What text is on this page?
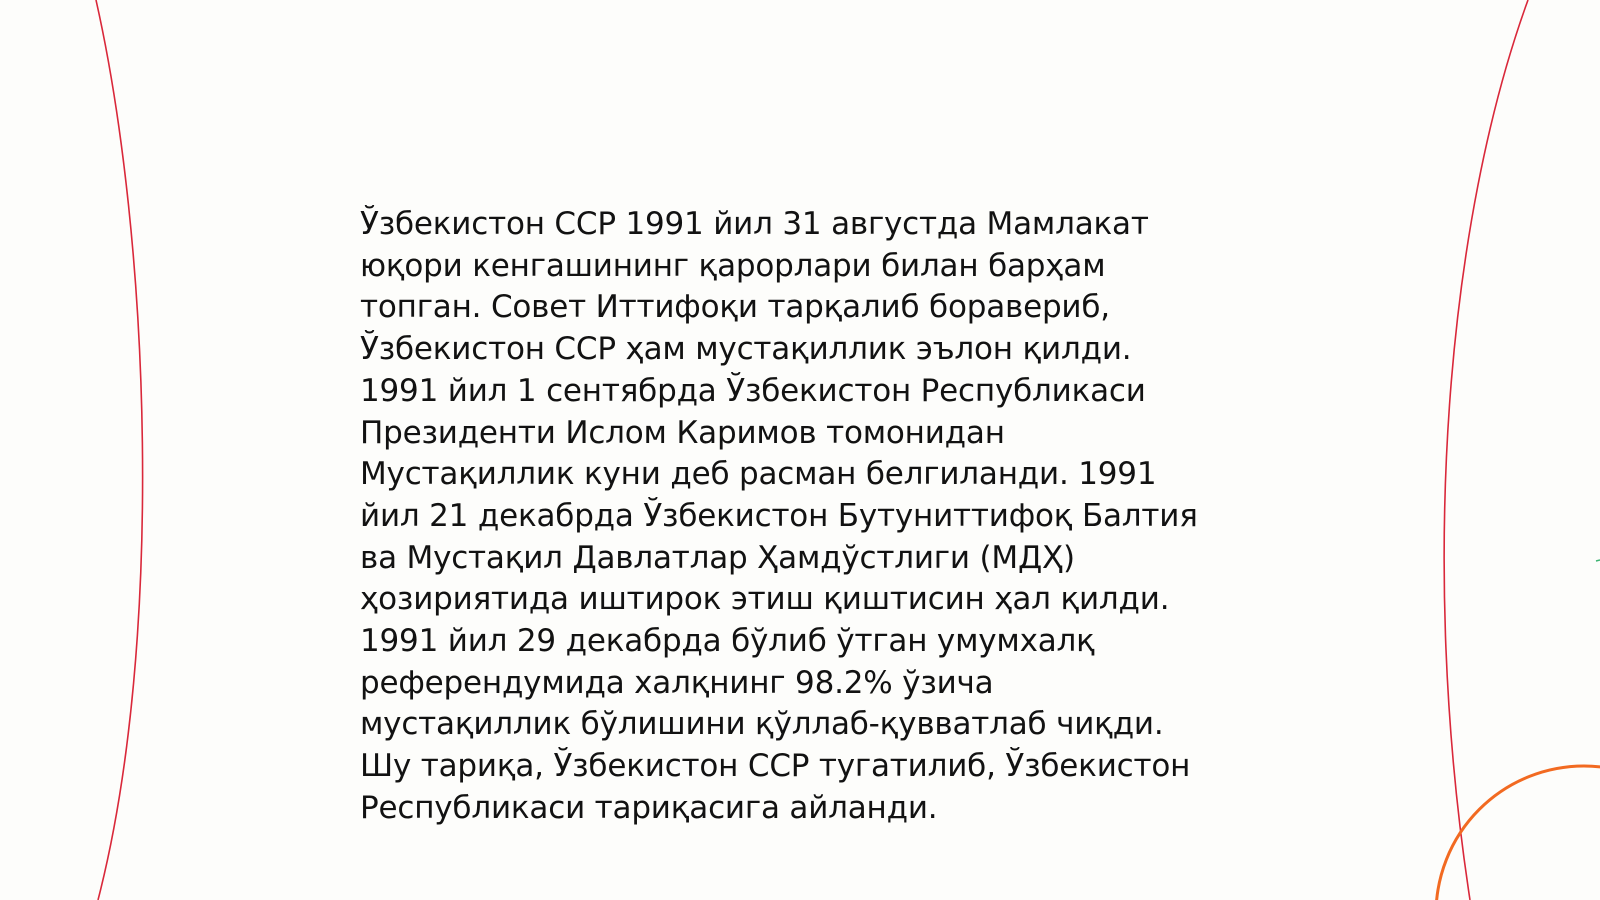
Ўзбекистон ССР 1991 йил 31 августда Мамлакат
юқори кенгашининг қарорлари билан барҳам
топган. Совет Иттифоқи тарқалиб боравериб,
Ўзбекистон ССР ҳам мустақиллик эълон қилди.
1991 йил 1 сентябрда Ўзбекистон Республикаси
Президенти Ислом Каримов томонидан
Мустақиллик куни деб расман белгиланди. 1991
йил 21 декабрда Ўзбекистон Бутуниттифоқ Балтия
ва Мустақил Давлатлар Ҳамдўстлиги (МДҲ)
ҳозириятида иштирок этиш қиштисин ҳал қилди.
1991 йил 29 декабрда бўлиб ўтган умумхалқ
референдумида халқнинг 98.2% ўзича
мустақиллик бўлишини қўллаб-қувватлаб чиқди.
Шу тариқа, Ўзбекистон ССР тугатилиб, Ўзбекистон
Республикаси тариқасига айланди.
